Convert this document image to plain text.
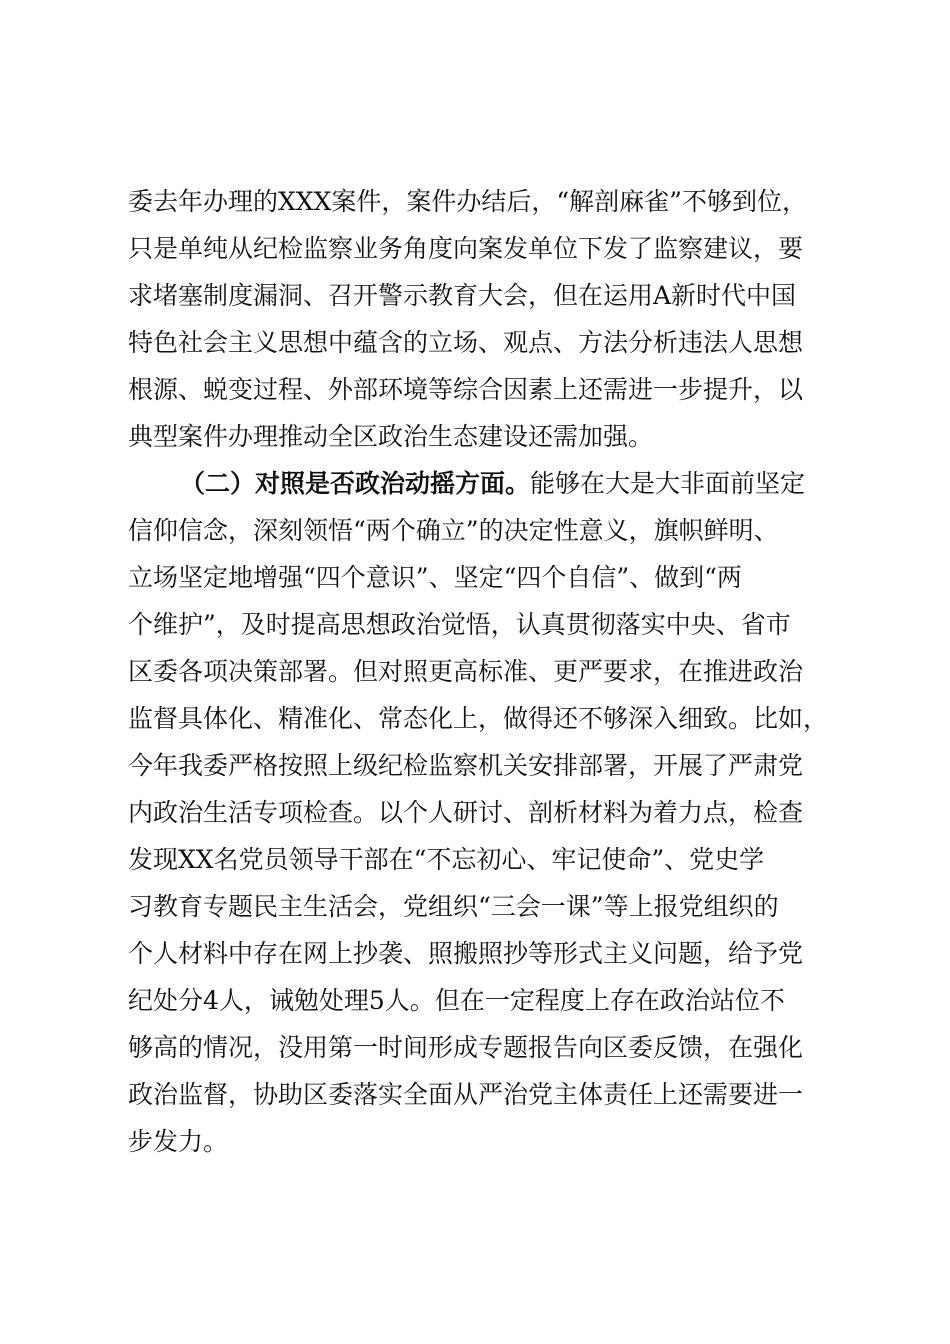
委去年办理的XXX案件，案件办结后，“解剖麻雀”不够到位，
只是单纯从纪检监察业务角度向案发单位下发了监察建议，要
求堵塞制度漏洞、召开警示教育大会，但在运用A新时代中国
特色社会主义思想中蕴含的立场、观点、方法分析违法人思想
根源、蜕变过程、外部环境等综合因素上还需进一步提升，以
典型案件办理推动全区政治生态建设还需加强。
（二）对照是否政治动摇方面。能够在大是大非面前坚定
信仰信念，深刻领悟“两个确立”的决定性意义，旗帜鲜明、
立场坚定地增强“四个意识”、坚定“四个自信”、做到“两
个维护”，及时提高思想政治觉悟，认真贯彻落实中央、省市
区委各项决策部署。但对照更高标准、更严要求，在推进政治
监督具体化、精准化、常态化上，做得还不够深入细致。比如，
今年我委严格按照上级纪检监察机关安排部署，开展了严肃党
内政治生活专项检查。以个人研讨、剖析材料为着力点，检查
发现XX名党员领导干部在“不忘初心、牢记使命”、党史学
习教育专题民主生活会，党组织“三会一课”等上报党组织的
个人材料中存在网上抄袭、照搬照抄等形式主义问题，给予党
纪处分4人，诫勉处理5人。但在一定程度上存在政治站位不
够高的情况，没用第一时间形成专题报告向区委反馈，在强化
政治监督，协助区委落实全面从严治党主体责任上还需要进一
步发力。
